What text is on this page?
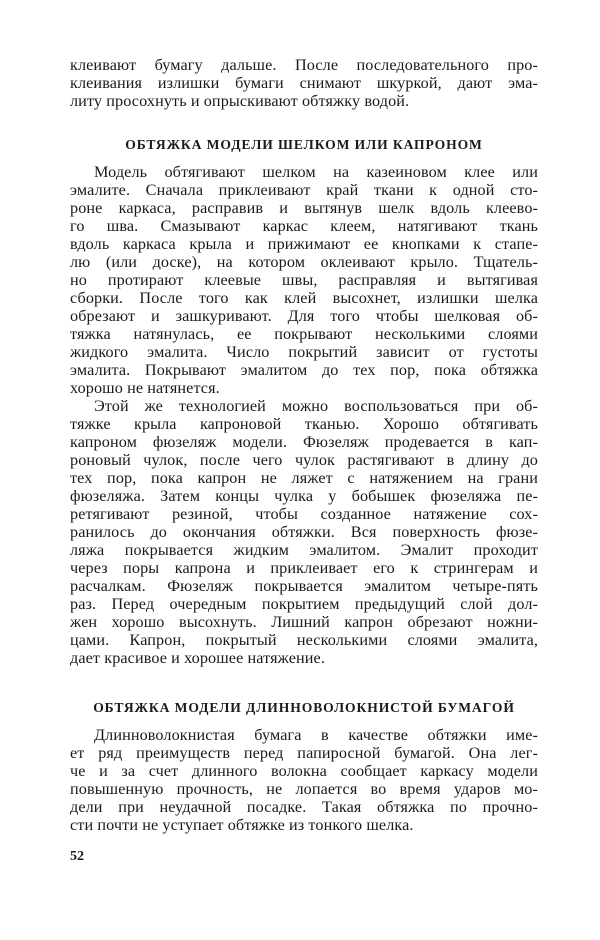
клеивают бумагу дальше. После последовательного про-
клеивания излишки бумаги снимают шкуркой, дают эма-
литу просохнуть и опрыскивают обтяжку водой.
ОБТЯЖКА МОДЕЛИ ШЕЛКОМ ИЛИ КАПРОНОМ
Модель обтягивают шелком на казеиновом клее или
эмалите. Сначала приклеивают край ткани к одной сто-
роне каркаса, расправив и вытянув шелк вдоль клеево-
го шва. Смазывают каркас клеем, натягивают ткань
вдоль каркаса крыла и прижимают ее кнопками к стапе-
лю (или доске), на котором оклеивают крыло. Тщатель-
но протирают клеевые швы, расправляя и вытягивая
сборки. После того как клей высохнет, излишки шелка
обрезают и зашкуривают. Для того чтобы шелковая об-
тяжка натянулась, ее покрывают несколькими слоями
жидкого эмалита. Число покрытий зависит от густоты
эмалита. Покрывают эмалитом до тех пор, пока обтяжка
хорошо не натянется.
Этой же технологией можно воспользоваться при об-
тяжке крыла капроновой тканью. Хорошо обтягивать
капроном фюзеляж модели. Фюзеляж продевается в кап-
роновый чулок, после чего чулок растягивают в длину до
тех пор, пока капрон не ляжет с натяжением на грани
фюзеляжа. Затем концы чулка у бобышек фюзеляжа пе-
ретягивают резиной, чтобы созданное натяжение сох-
ранилось до окончания обтяжки. Вся поверхность фюзе-
ляжа покрывается жидким эмалитом. Эмалит проходит
через поры капрона и приклеивает его к стрингерам и
расчалкам. Фюзеляж покрывается эмалитом четыре-пять
раз. Перед очередным покрытием предыдущий слой дол-
жен хорошо высохнуть. Лишний капрон обрезают ножни-
цами. Капрон, покрытый несколькими слоями эмалита,
дает красивое и хорошее натяжение.
ОБТЯЖКА МОДЕЛИ ДЛИННОВОЛОКНИСТОЙ БУМАГОЙ
Длинноволокнистая бумага в качестве обтяжки име-
ет ряд преимуществ перед папиросной бумагой. Она лег-
че и за счет длинного волокна сообщает каркасу модели
повышенную прочность, не лопается во время ударов мо-
дели при неудачной посадке. Такая обтяжка по прочно-
сти почти не уступает обтяжке из тонкого шелка.
52
